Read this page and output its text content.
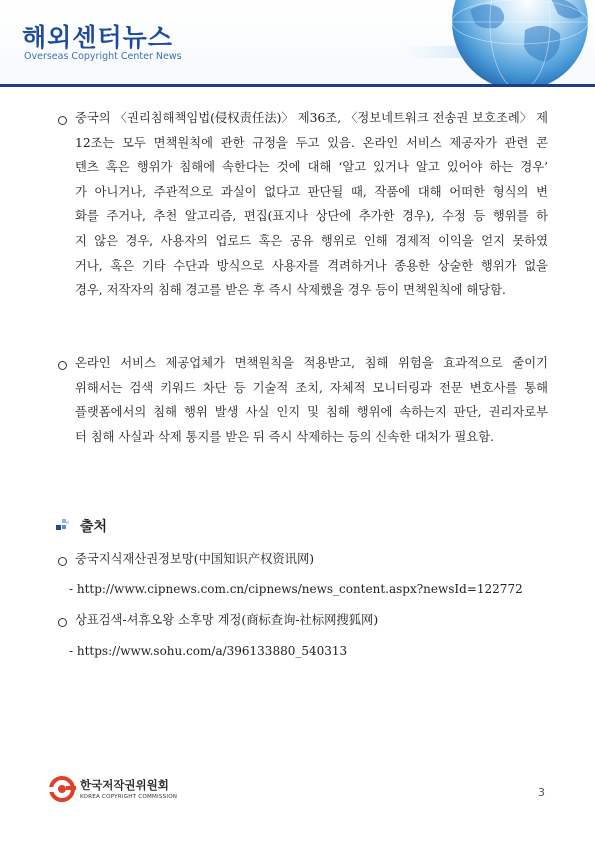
해외센터뉴스
Overseas Copyright Center News
중국의 〈권리침해책임법(侵权责任法)〉 제36조, 〈정보네트워크 전송권 보호조례〉 제
12조는 모두 면책원칙에 관한 규정을 두고 있음. 온라인 서비스 제공자가 관련 콘
텐츠 혹은 행위가 침해에 속한다는 것에 대해 ‘알고 있거나 알고 있어야 하는 경우’
가 아니거나, 주관적으로 과실이 없다고 판단될 때, 작품에 대해 어떠한 형식의 변
화를 주거나, 추천 알고리즘, 편집(표지나 상단에 추가한 경우), 수정 등 행위를 하
지 않은 경우, 사용자의 업로드 혹은 공유 행위로 인해 경제적 이익을 얻지 못하였
거나, 혹은 기타 수단과 방식으로 사용자를 격려하거나 종용한 상술한 행위가 없을
경우, 저작자의 침해 경고를 받은 후 즉시 삭제했을 경우 등이 면책원칙에 해당함.
온라인 서비스 제공업체가 면책원칙을 적용받고, 침해 위험을 효과적으로 줄이기
위해서는 검색 키워드 차단 등 기술적 조치, 자체적 모니터링과 전문 변호사를 통해
플랫폼에서의 침해 행위 발생 사실 인지 및 침해 행위에 속하는지 판단, 권리자로부
터 침해 사실과 삭제 통지를 받은 뒤 즉시 삭제하는 등의 신속한 대처가 필요함.
출처
중국지식재산권정보망(中国知识产权资讯网)
- http://www.cipnews.com.cn/cipnews/news_content.aspx?newsId=122772
상표검색-셔휴오왕 소후망 계정(商标查询-社标网搜狐网)
- https://www.sohu.com/a/396133880_540313
한국저작권위원회
KOREA COPYRIGHT COMMISSION	3
